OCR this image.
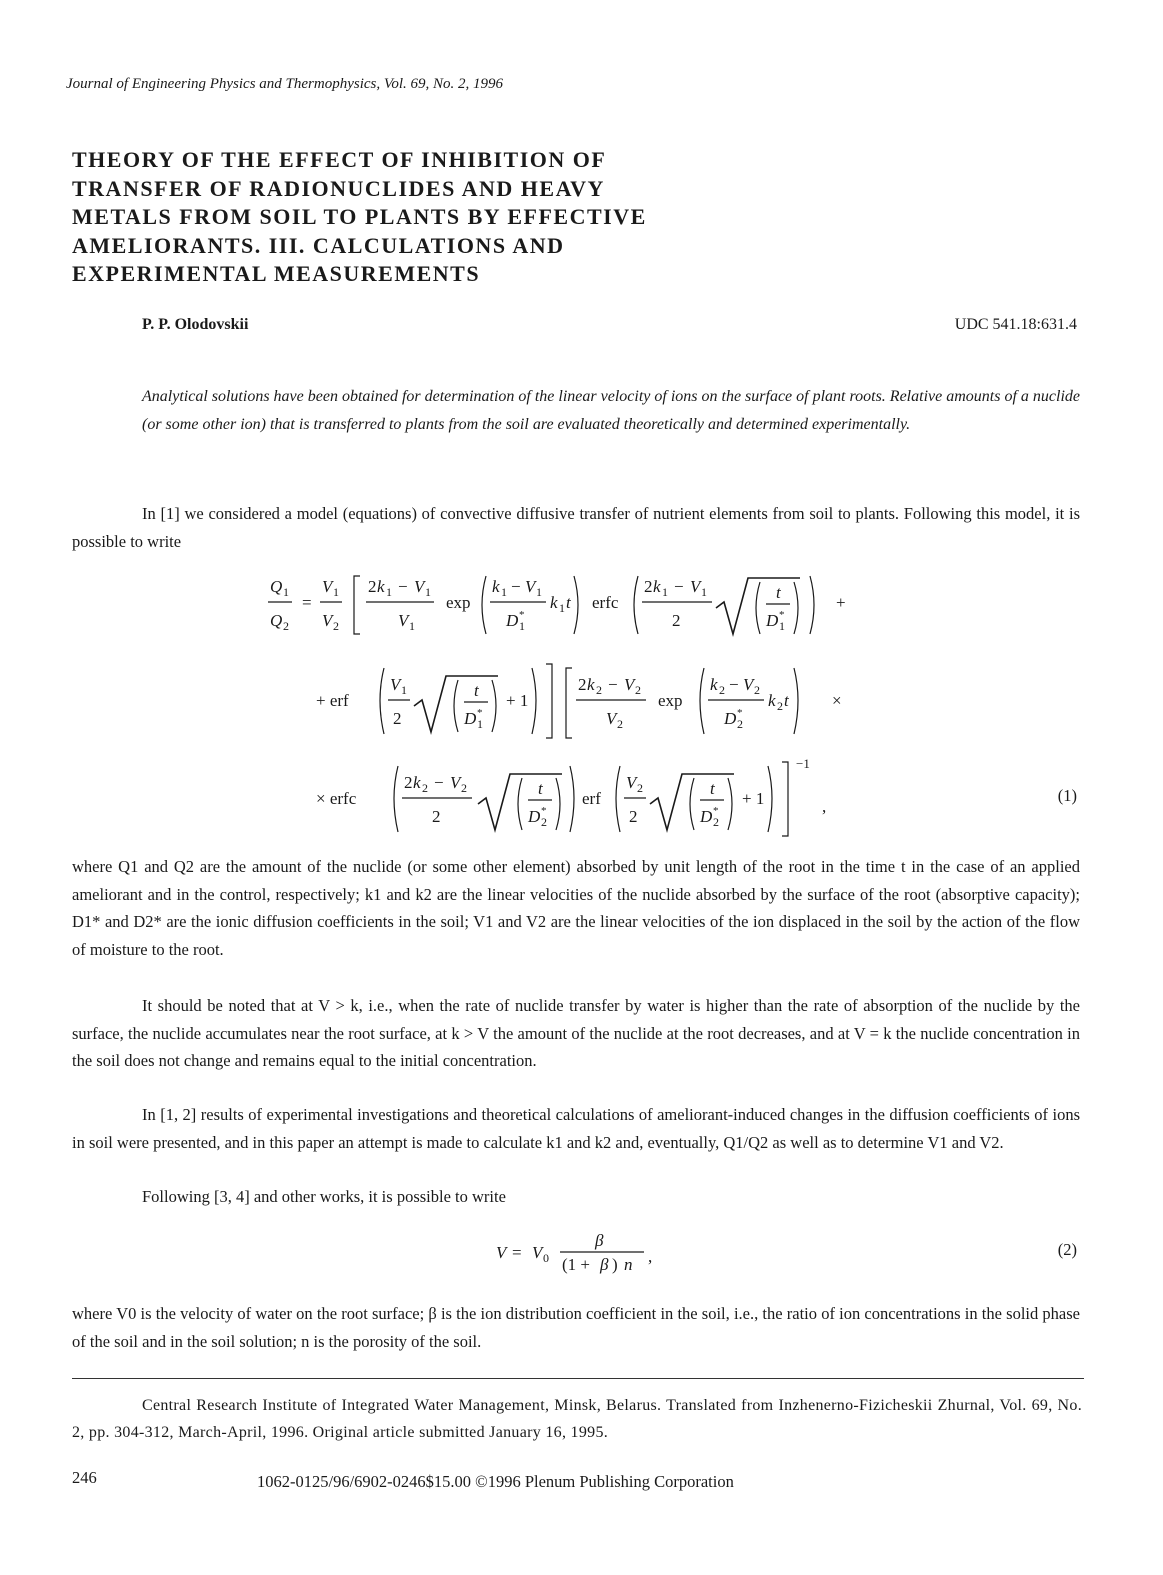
Journal of Engineering Physics and Thermophysics, Vol. 69, No. 2, 1996
THEORY OF THE EFFECT OF INHIBITION OF
TRANSFER OF RADIONUCLIDES AND HEAVY
METALS FROM SOIL TO PLANTS BY EFFECTIVE
AMELIORANTS. III. CALCULATIONS AND
EXPERIMENTAL MEASUREMENTS
P. P. Olodovskii	UDC 541.18:631.4
Analytical solutions have been obtained for determination of the linear velocity of ions on the surface of plant roots. Relative amounts of a nuclide (or some other ion) that is transferred to plants from the soil are evaluated theoretically and determined experimentally.

In [1] we considered a model (equations) of convective diffusive transfer of nutrient elements from soil to plants. Following this model, it is possible to write

Q 1
Q 2
=
V 1
V 2
2 k 1 − V 1
V 1
exp
k 1 − V 1
D *
1
k 1 t erfc
2 k 1 − V 1
2
t
D *
1
+
+ erf
V 1
2
t
D *
1
+ 1
2 k 2 − V 2
V 2
exp
k 2 − V 2
D *
2
k 2 t	×
× erfc
2 k 2 − V 2
2
t
D *
2
erf
V 2
2
t
D *
2
+ 1
−1
,
(1)

where Q1 and Q2 are the amount of the nuclide (or some other element) absorbed by unit length of the root in the time t in the case of an applied ameliorant and in the control, respectively; k1 and k2 are the linear velocities of the nuclide absorbed by the surface of the root (absorptive capacity); D1* and D2* are the ionic diffusion coefficients in the soil; V1 and V2 are the linear velocities of the ion displaced in the soil by the action of the flow of moisture to the root.

It should be noted that at V > k, i.e., when the rate of nuclide transfer by water is higher than the rate of absorption of the nuclide by the surface, the nuclide accumulates near the root surface, at k > V the amount of the nuclide at the root decreases, and at V = k the nuclide concentration in the soil does not change and remains equal to the initial concentration.

In [1, 2] results of experimental investigations and theoretical calculations of ameliorant-induced changes in the diffusion coefficients of ions in soil were presented, and in this paper an attempt is made to calculate k1 and k2 and, eventually, Q1/Q2 as well as to determine V1 and V2.

Following [3, 4] and other works, it is possible to write

V = V 0
β
(1 + β ) n ,	(2)

where V0 is the velocity of water on the root surface; β is the ion distribution coefficient in the soil, i.e., the ratio of ion concentrations in the solid phase of the soil and in the soil solution; n is the porosity of the soil.

Central Research Institute of Integrated Water Management, Minsk, Belarus. Translated from Inzhenerno-Fizicheskii Zhurnal, Vol. 69, No. 2, pp. 304-312, March-April, 1996. Original article submitted January 16, 1995.
246	1062-0125/96/6902-0246$15.00 ©1996 Plenum Publishing Corporation
